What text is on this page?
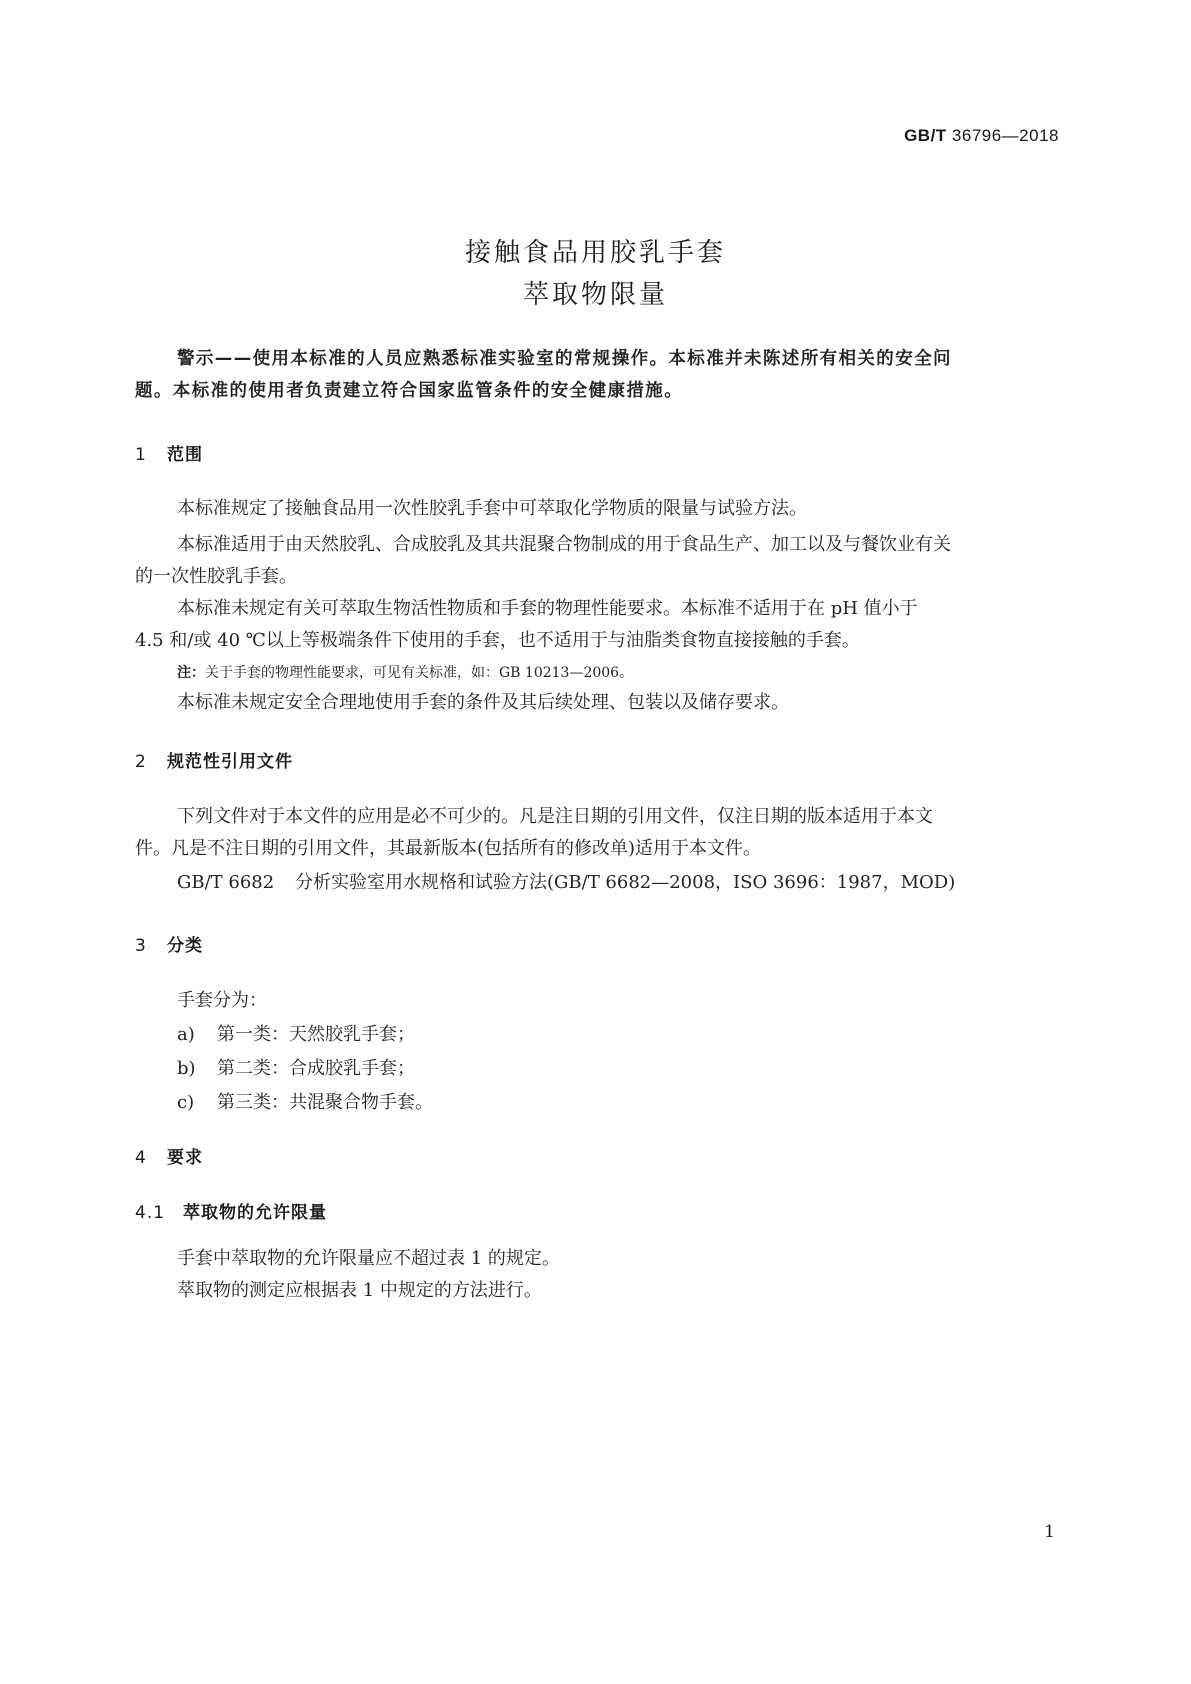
GB/T 36796—2018
接触食品用胶乳手套
萃取物限量
警示——使用本标准的人员应熟悉标准实验室的常规操作。本标准并未陈述所有相关的安全问
题。本标准的使用者负责建立符合国家监管条件的安全健康措施。
1 范围
本标准规定了接触食品用一次性胶乳手套中可萃取化学物质的限量与试验方法。
本标准适用于由天然胶乳、合成胶乳及其共混聚合物制成的用于食品生产、加工以及与餐饮业有关
的一次性胶乳手套。
本标准未规定有关可萃取生物活性物质和手套的物理性能要求。本标准不适用于在 pH 值小于
4.5 和/或 40 ℃以上等极端条件下使用的手套，也不适用于与油脂类食物直接接触的手套。
注：关于手套的物理性能要求，可见有关标准，如：GB 10213—2006。
本标准未规定安全合理地使用手套的条件及其后续处理、包装以及储存要求。
2 规范性引用文件
下列文件对于本文件的应用是必不可少的。凡是注日期的引用文件，仅注日期的版本适用于本文
件。凡是不注日期的引用文件，其最新版本(包括所有的修改单)适用于本文件。
GB/T 6682 分析实验室用水规格和试验方法(GB/T 6682—2008，ISO 3696：1987，MOD)
3 分类
手套分为：
a) 第一类：天然胶乳手套；
b) 第二类：合成胶乳手套；
c) 第三类：共混聚合物手套。
4 要求
4.1 萃取物的允许限量
手套中萃取物的允许限量应不超过表 1 的规定。
萃取物的测定应根据表 1 中规定的方法进行。
1
